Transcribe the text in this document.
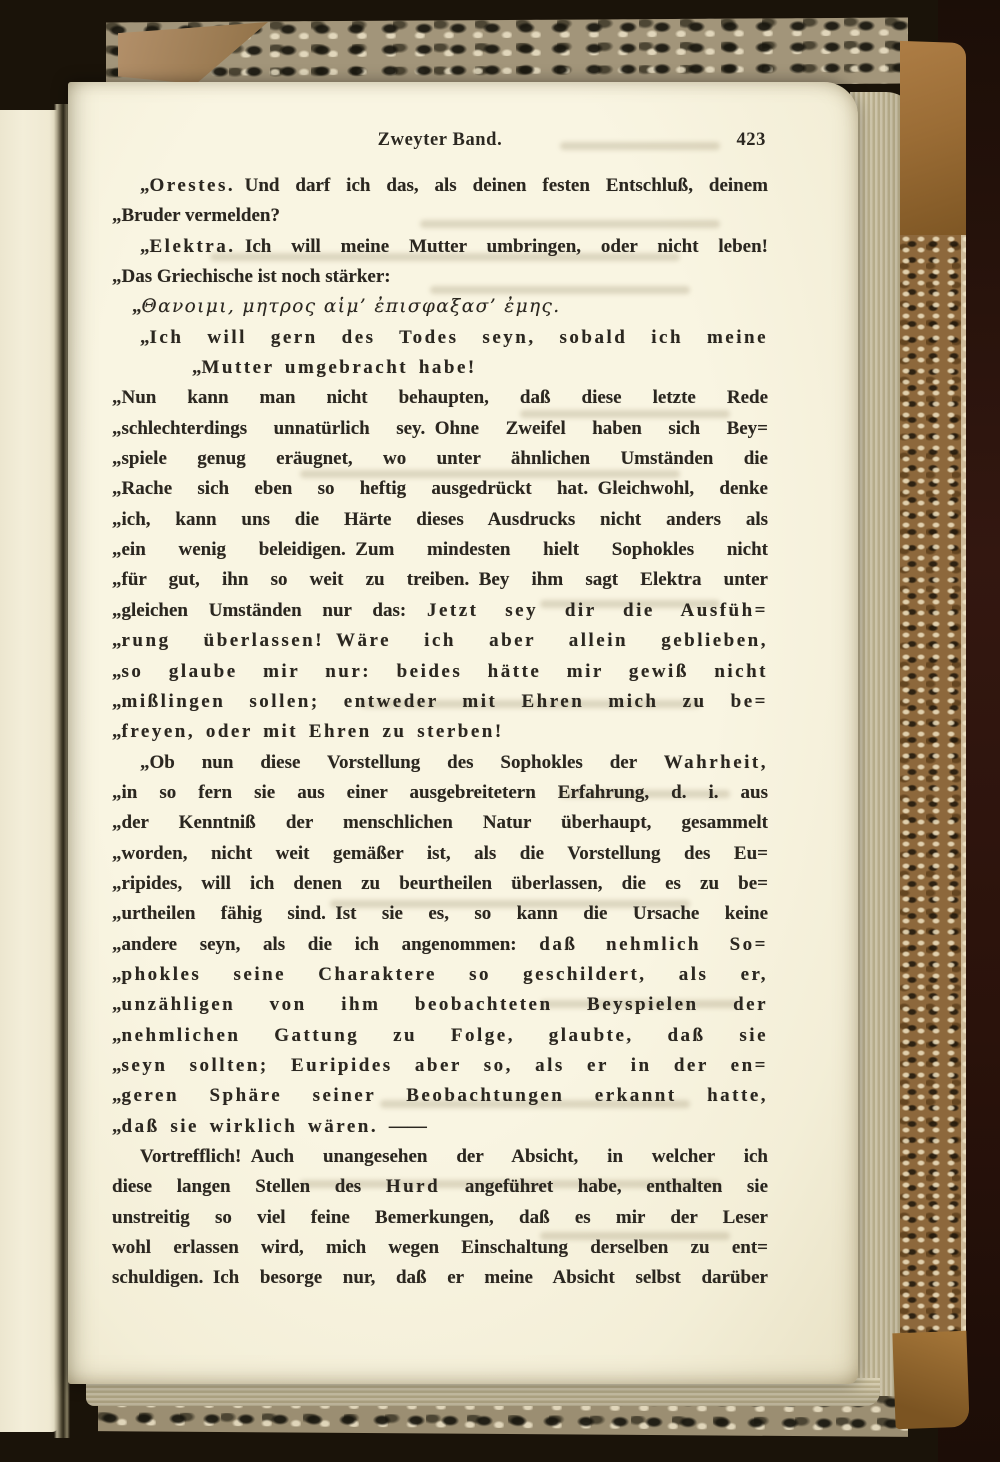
Zweyter Band.	423
„Orestes. Und darf ich das, als deinen festen Entschluß, deinem
„Bruder vermelden?
„Elektra. Ich will meine Mutter umbringen, oder nicht leben!
„Das Griechische ist noch stärker:
„Θανοιμι, μητρος αἱμ’ ἐπισφαξασ’ ἐμης.
„Ich will gern des Todes seyn, sobald ich meine
„Mutter umgebracht habe!
„Nun kann man nicht behaupten, daß diese letzte Rede
„schlechterdings unnatürlich sey. Ohne Zweifel haben sich Bey=
„spiele genug eräugnet, wo unter ähnlichen Umständen die
„Rache sich eben so heftig ausgedrückt hat. Gleichwohl, denke
„ich, kann uns die Härte dieses Ausdrucks nicht anders als
„ein wenig beleidigen. Zum mindesten hielt Sophokles nicht
„für gut, ihn so weit zu treiben. Bey ihm sagt Elektra unter
„gleichen Umständen nur das: Jetzt sey dir die Ausfüh=
„rung überlassen! Wäre ich aber allein geblieben,
„so glaube mir nur: beides hätte mir gewiß nicht
„mißlingen sollen; entweder mit Ehren mich zu be=
„freyen, oder mit Ehren zu sterben!
„Ob nun diese Vorstellung des Sophokles der Wahrheit,
„in so fern sie aus einer ausgebreitetern Erfahrung, d. i. aus
„der Kenntniß der menschlichen Natur überhaupt, gesammelt
„worden, nicht weit gemäßer ist, als die Vorstellung des Eu=
„ripides, will ich denen zu beurtheilen überlassen, die es zu be=
„urtheilen fähig sind. Ist sie es, so kann die Ursache keine
„andere seyn, als die ich angenommen: daß nehmlich So=
„phokles seine Charaktere so geschildert, als er,
„unzähligen von ihm beobachteten Beyspielen der
„nehmlichen Gattung zu Folge, glaubte, daß sie
„seyn sollten; Euripides aber so, als er in der en=
„geren Sphäre seiner Beobachtungen erkannt hatte,
„daß sie wirklich wären. ——
Vortrefflich! Auch unangesehen der Absicht, in welcher ich
diese langen Stellen des Hurd angeführet habe, enthalten sie
unstreitig so viel feine Bemerkungen, daß es mir der Leser
wohl erlassen wird, mich wegen Einschaltung derselben zu ent=
schuldigen. Ich besorge nur, daß er meine Absicht selbst darüber
